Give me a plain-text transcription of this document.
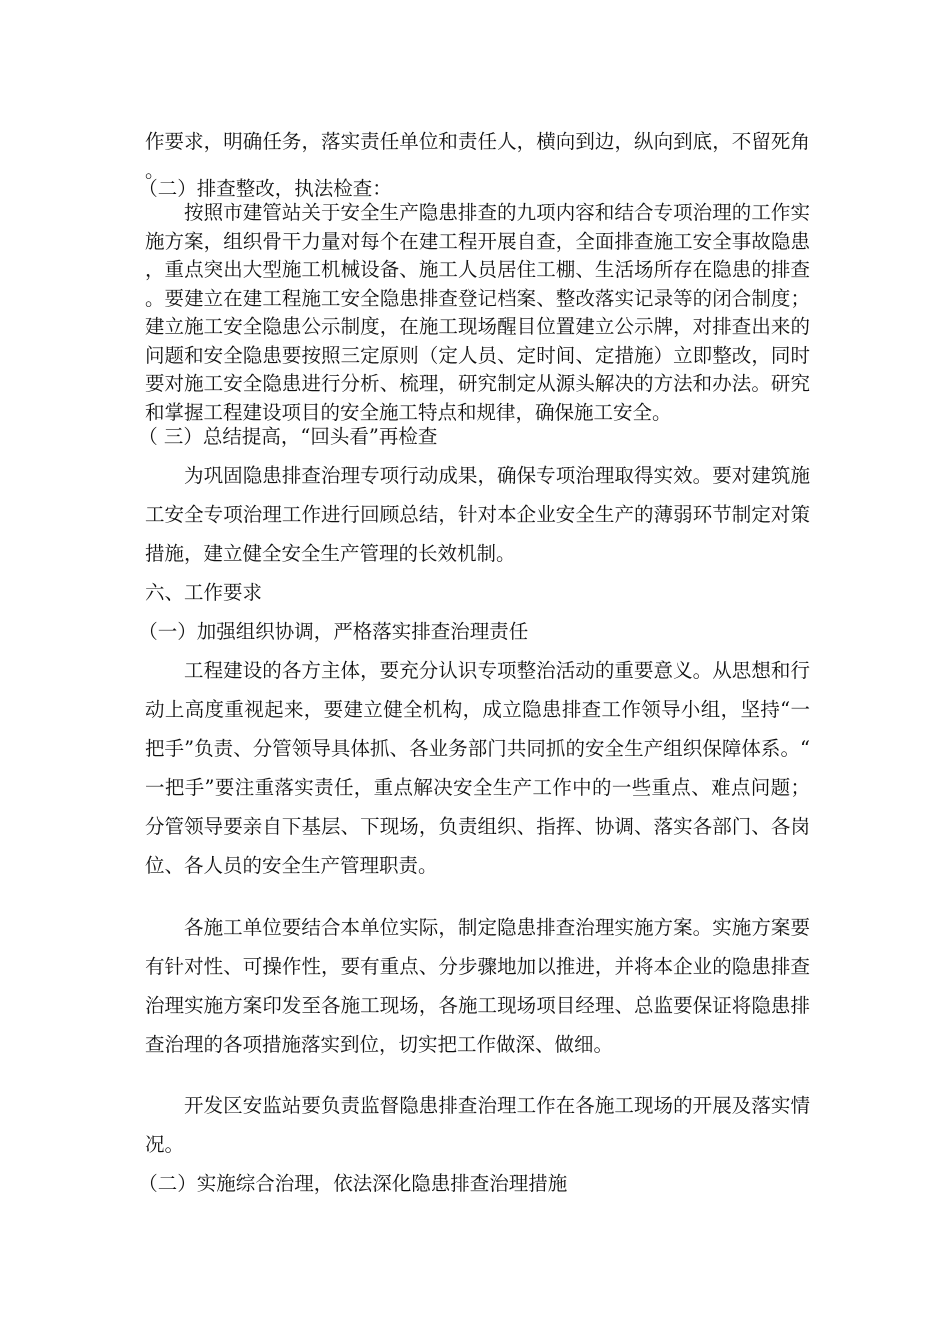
作要求，明确任务，落实责任单位和责任人，横向到边，纵向到底，不留死角。

（二）排查整改，执法检查：

按照市建管站关于安全生产隐患排查的九项内容和结合专项治理的工作实施方案，组织骨干力量对每个在建工程开展自查，全面排查施工安全事故隐患，重点突出大型施工机械设备、施工人员居住工棚、生活场所存在隐患的排查。要建立在建工程施工安全隐患排查登记档案、整改落实记录等的闭合制度；建立施工安全隐患公示制度，在施工现场醒目位置建立公示牌，对排查出来的问题和安全隐患要按照三定原则（定人员、定时间、定措施）立即整改，同时要对施工安全隐患进行分析、梳理，研究制定从源头解决的方法和办法。研究和掌握工程建设项目的安全施工特点和规律，确保施工安全。

（ 三）总结提高，“回头看”再检查

为巩固隐患排查治理专项行动成果，确保专项治理取得实效。要对建筑施工安全专项治理工作进行回顾总结，针对本企业安全生产的薄弱环节制定对策措施，建立健全安全生产管理的长效机制。

六、工作要求

（一）加强组织协调，严格落实排查治理责任

工程建设的各方主体，要充分认识专项整治活动的重要意义。从思想和行动上高度重视起来，要建立健全机构，成立隐患排查工作领导小组，坚持“一把手”负责、分管领导具体抓、各业务部门共同抓的安全生产组织保障体系。“一把手”要注重落实责任，重点解决安全生产工作中的一些重点、难点问题；分管领导要亲自下基层、下现场，负责组织、指挥、协调、落实各部门、各岗位、各人员的安全生产管理职责。

各施工单位要结合本单位实际，制定隐患排查治理实施方案。实施方案要有针对性、可操作性，要有重点、分步骤地加以推进，并将本企业的隐患排查治理实施方案印发至各施工现场，各施工现场项目经理、总监要保证将隐患排查治理的各项措施落实到位，切实把工作做深、做细。

开发区安监站要负责监督隐患排查治理工作在各施工现场的开展及落实情况。

（二）实施综合治理，依法深化隐患排查治理措施
